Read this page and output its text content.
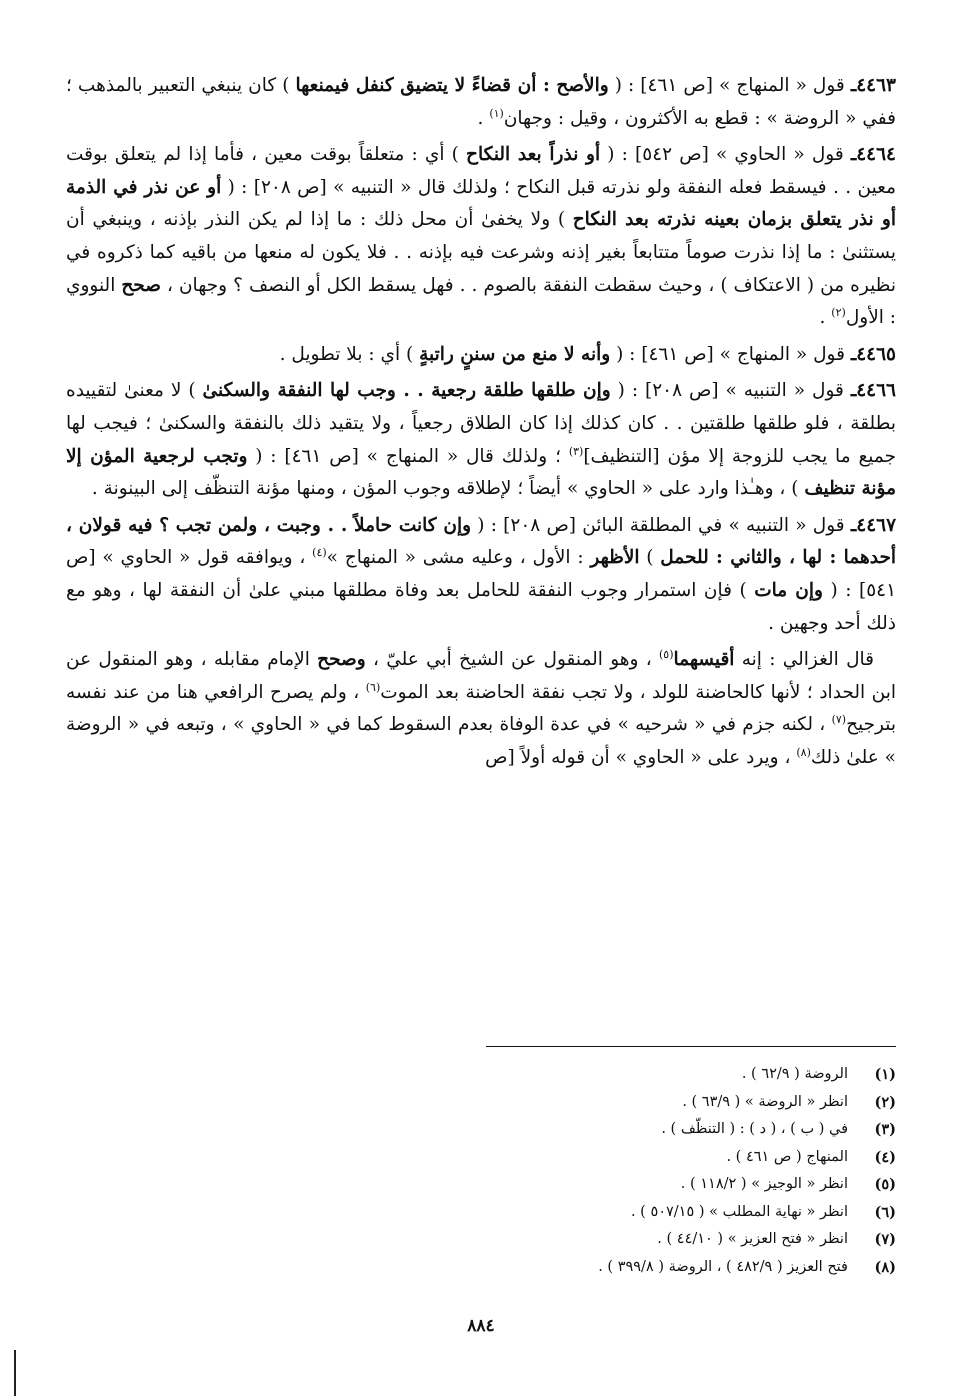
٤٤٦٣ـ قول « المنهاج » [ص ٤٦١] : ( والأصح : أن قضاءً لا يتضيق كنفل فيمنعها ) كان ينبغي التعبير بالمذهب ؛ ففي « الروضة » : قطع به الأكثرون ، وقيل : وجهان$^{(١)}$ .

٤٤٦٤ـ قول « الحاوي » [ص ٥٤٢] : ( أو نذراً بعد النكاح ) أي : متعلقاً بوقت معين ، فأما إذا لم يتعلق بوقت معين . . فيسقط فعله النفقة ولو نذرته قبل النكاح ؛ ولذلك قال « التنبيه » [ص ٢٠٨] : ( أو عن نذر في الذمة أو نذر يتعلق بزمان بعينه نذرته بعد النكاح ) ولا يخفىٰ أن محل ذلك : ما إذا لم يكن النذر بإذنه ، وينبغي أن يستثنىٰ : ما إذا نذرت صوماً متتابعاً بغير إذنه وشرعت فيه بإذنه . . فلا يكون له منعها من باقيه كما ذكروه في نظيره من ( الاعتكاف ) ، وحيث سقطت النفقة بالصوم . . فهل يسقط الكل أو النصف ؟ وجهان ، صحح النووي : الأول$^{(٢)}$ .

٤٤٦٥ـ قول « المنهاج » [ص ٤٦١] : ( وأنه لا منع من سننٍ راتبةٍ ) أي : بلا تطويل .

٤٤٦٦ـ قول « التنبيه » [ص ٢٠٨] : ( وإن طلقها طلقة رجعية . . وجب لها النفقة والسكنىٰ ) لا معنىٰ لتقييده بطلقة ، فلو طلقها طلقتين . . كان كذلك إذا كان الطلاق رجعياً ، ولا يتقيد ذلك بالنفقة والسكنىٰ ؛ فيجب لها جميع ما يجب للزوجة إلا مؤن [التنظيف]$^{(٣)}$ ؛ ولذلك قال « المنهاج » [ص ٤٦١] : ( وتجب لرجعية المؤن إلا مؤنة تنظيف ) ، وهـٰذا وارد على « الحاوي » أيضاً ؛ لإطلاقه وجوب المؤن ، ومنها مؤنة التنظّف إلى البينونة .

٤٤٦٧ـ قول « التنبيه » في المطلقة البائن [ص ٢٠٨] : ( وإن كانت حاملاً . . وجبت ، ولمن تجب ؟ فيه قولان ، أحدهما : لها ، والثاني : للحمل ) الأظهر : الأول ، وعليه مشى « المنهاج »$^{(٤)}$ ، ويوافقه قول « الحاوي » [ص ٥٤١] : ( وإن مات ) فإن استمرار وجوب النفقة للحامل بعد وفاة مطلقها مبني علىٰ أن النفقة لها ، وهو مع ذلك أحد وجهين .

قال الغزالي : إنه أقيسهما$^{(٥)}$ ، وهو المنقول عن الشيخ أبي عليّ ، وصحح الإمام مقابله ، وهو المنقول عن ابن الحداد ؛ لأنها كالحاضنة للولد ، ولا تجب نفقة الحاضنة بعد الموت$^{(٦)}$ ، ولم يصرح الرافعي هنا من عند نفسه بترجيح$^{(٧)}$ ، لكنه جزم في « شرحيه » في عدة الوفاة بعدم السقوط كما في « الحاوي » ، وتبعه في « الروضة » علىٰ ذلك$^{(٨)}$ ، ويرد على « الحاوي » أن قوله أولاً [ص

(١)
الروضة ( ٦٢/٩ ) .
(٢)
انظر « الروضة » ( ٦٣/٩ ) .
(٣)
في ( ب ) ، ( د ) : ( التنظّف ) .
(٤)
المنهاج ( ص ٤٦١ ) .
(٥)
انظر « الوجيز » ( ١١٨/٢ ) .
(٦)
انظر « نهاية المطلب » ( ٥٠٧/١٥ ) .
(٧)
انظر « فتح العزيز » ( ٤٤/١٠ ) .
(٨)
فتح العزيز ( ٤٨٢/٩ ) ، الروضة ( ٣٩٩/٨ ) .
٨٨٤
